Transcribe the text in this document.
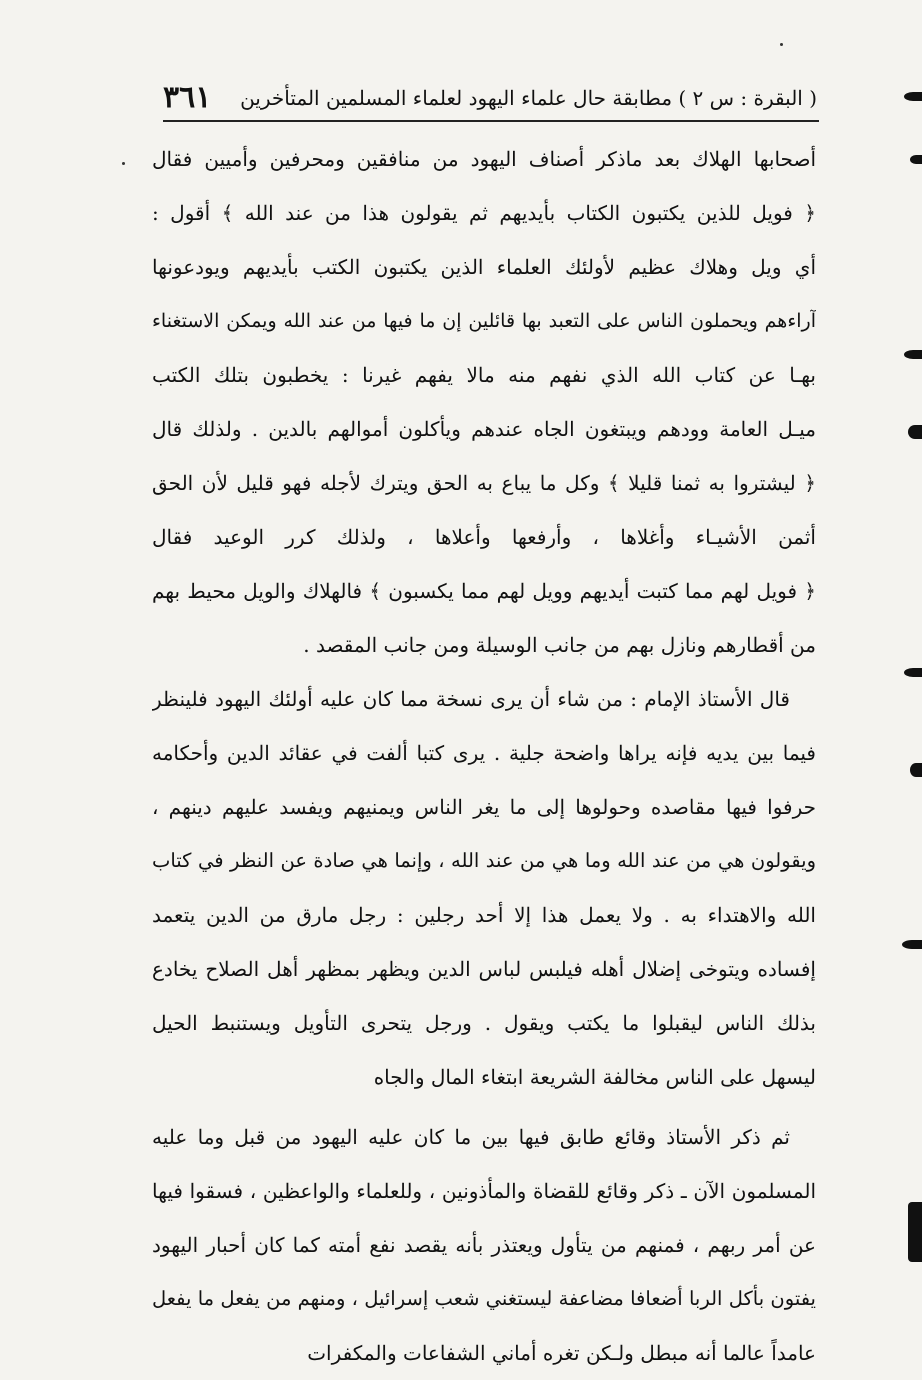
( البقرة : س ٢ ) مطابقة حال علماء اليهود لعلماء المسلمين المتأخرين
٣٦١
أصحابها الهلاك بعد ماذكر أصناف اليهود من منافقين ومحرفين وأميين فقال
﴿ فويل للذين يكتبون الكتاب بأيديهم ثم يقولون هذا من عند الله ﴾ أقول :
أي ويل وهلاك عظيم لأولئك العلماء الذين يكتبون الكتب بأيديهم ويودعونها
آراءهم ويحملون الناس على التعبد بها قائلين إن ما فيها من عند الله ويمكن الاستغناء
بهـا عن كتاب الله الذي نفهم منه مالا يفهم غيرنا : يخطبون بتلك الكتب
ميـل العامة وودهم ويبتغون الجاه عندهم ويأكلون أموالهم بالدين . ولذلك قال
﴿ ليشتروا به ثمنا قليلا ﴾ وكل ما يباع به الحق ويترك لأجله فهو قليل لأن الحق
أثمن الأشيـاء وأغلاها ، وأرفعها وأعلاها ، ولذلك كرر الوعيد فقال
﴿ فويل لهم مما كتبت أيديهم وويل لهم مما يكسبون ﴾ فالهلاك والويل محيط بهم
من أقطارهم ونازل بهم من جانب الوسيلة ومن جانب المقصد .
قال الأستاذ الإمام : من شاء أن يرى نسخة مما كان عليه أولئك اليهود فلينظر
فيما بين يديه فإنه يراها واضحة جلية . يرى كتبا ألفت في عقائد الدين وأحكامه
حرفوا فيها مقاصده وحولوها إلى ما يغر الناس ويمنيهم ويفسد عليهم دينهم ،
ويقولون هي من عند الله وما هي من عند الله ، وإنما هي صادة عن النظر في كتاب
الله والاهتداء به . ولا يعمل هذا إلا أحد رجلين : رجل مارق من الدين يتعمد
إفساده ويتوخى إضلال أهله فيلبس لباس الدين ويظهر بمظهر أهل الصلاح يخادع
بذلك الناس ليقبلوا ما يكتب ويقول . ورجل يتحرى التأويل ويستنبط الحيل
ليسهل على الناس مخالفة الشريعة ابتغاء المال والجاه
ثم ذكر الأستاذ وقائع طابق فيها بين ما كان عليه اليهود من قبل وما عليه
المسلمون الآن ـ ذكر وقائع للقضاة والمأذونين ، وللعلماء والواعظين ، فسقوا فيها
عن أمر ربهم ، فمنهم من يتأول ويعتذر بأنه يقصد نفع أمته كما كان أحبار اليهود
يفتون بأكل الربا أضعافا مضاعفة ليستغني شعب إسرائيل ، ومنهم من يفعل ما يفعل
عامداً عالما أنه مبطل ولـكن تغره أماني الشفاعات والمكفرات
